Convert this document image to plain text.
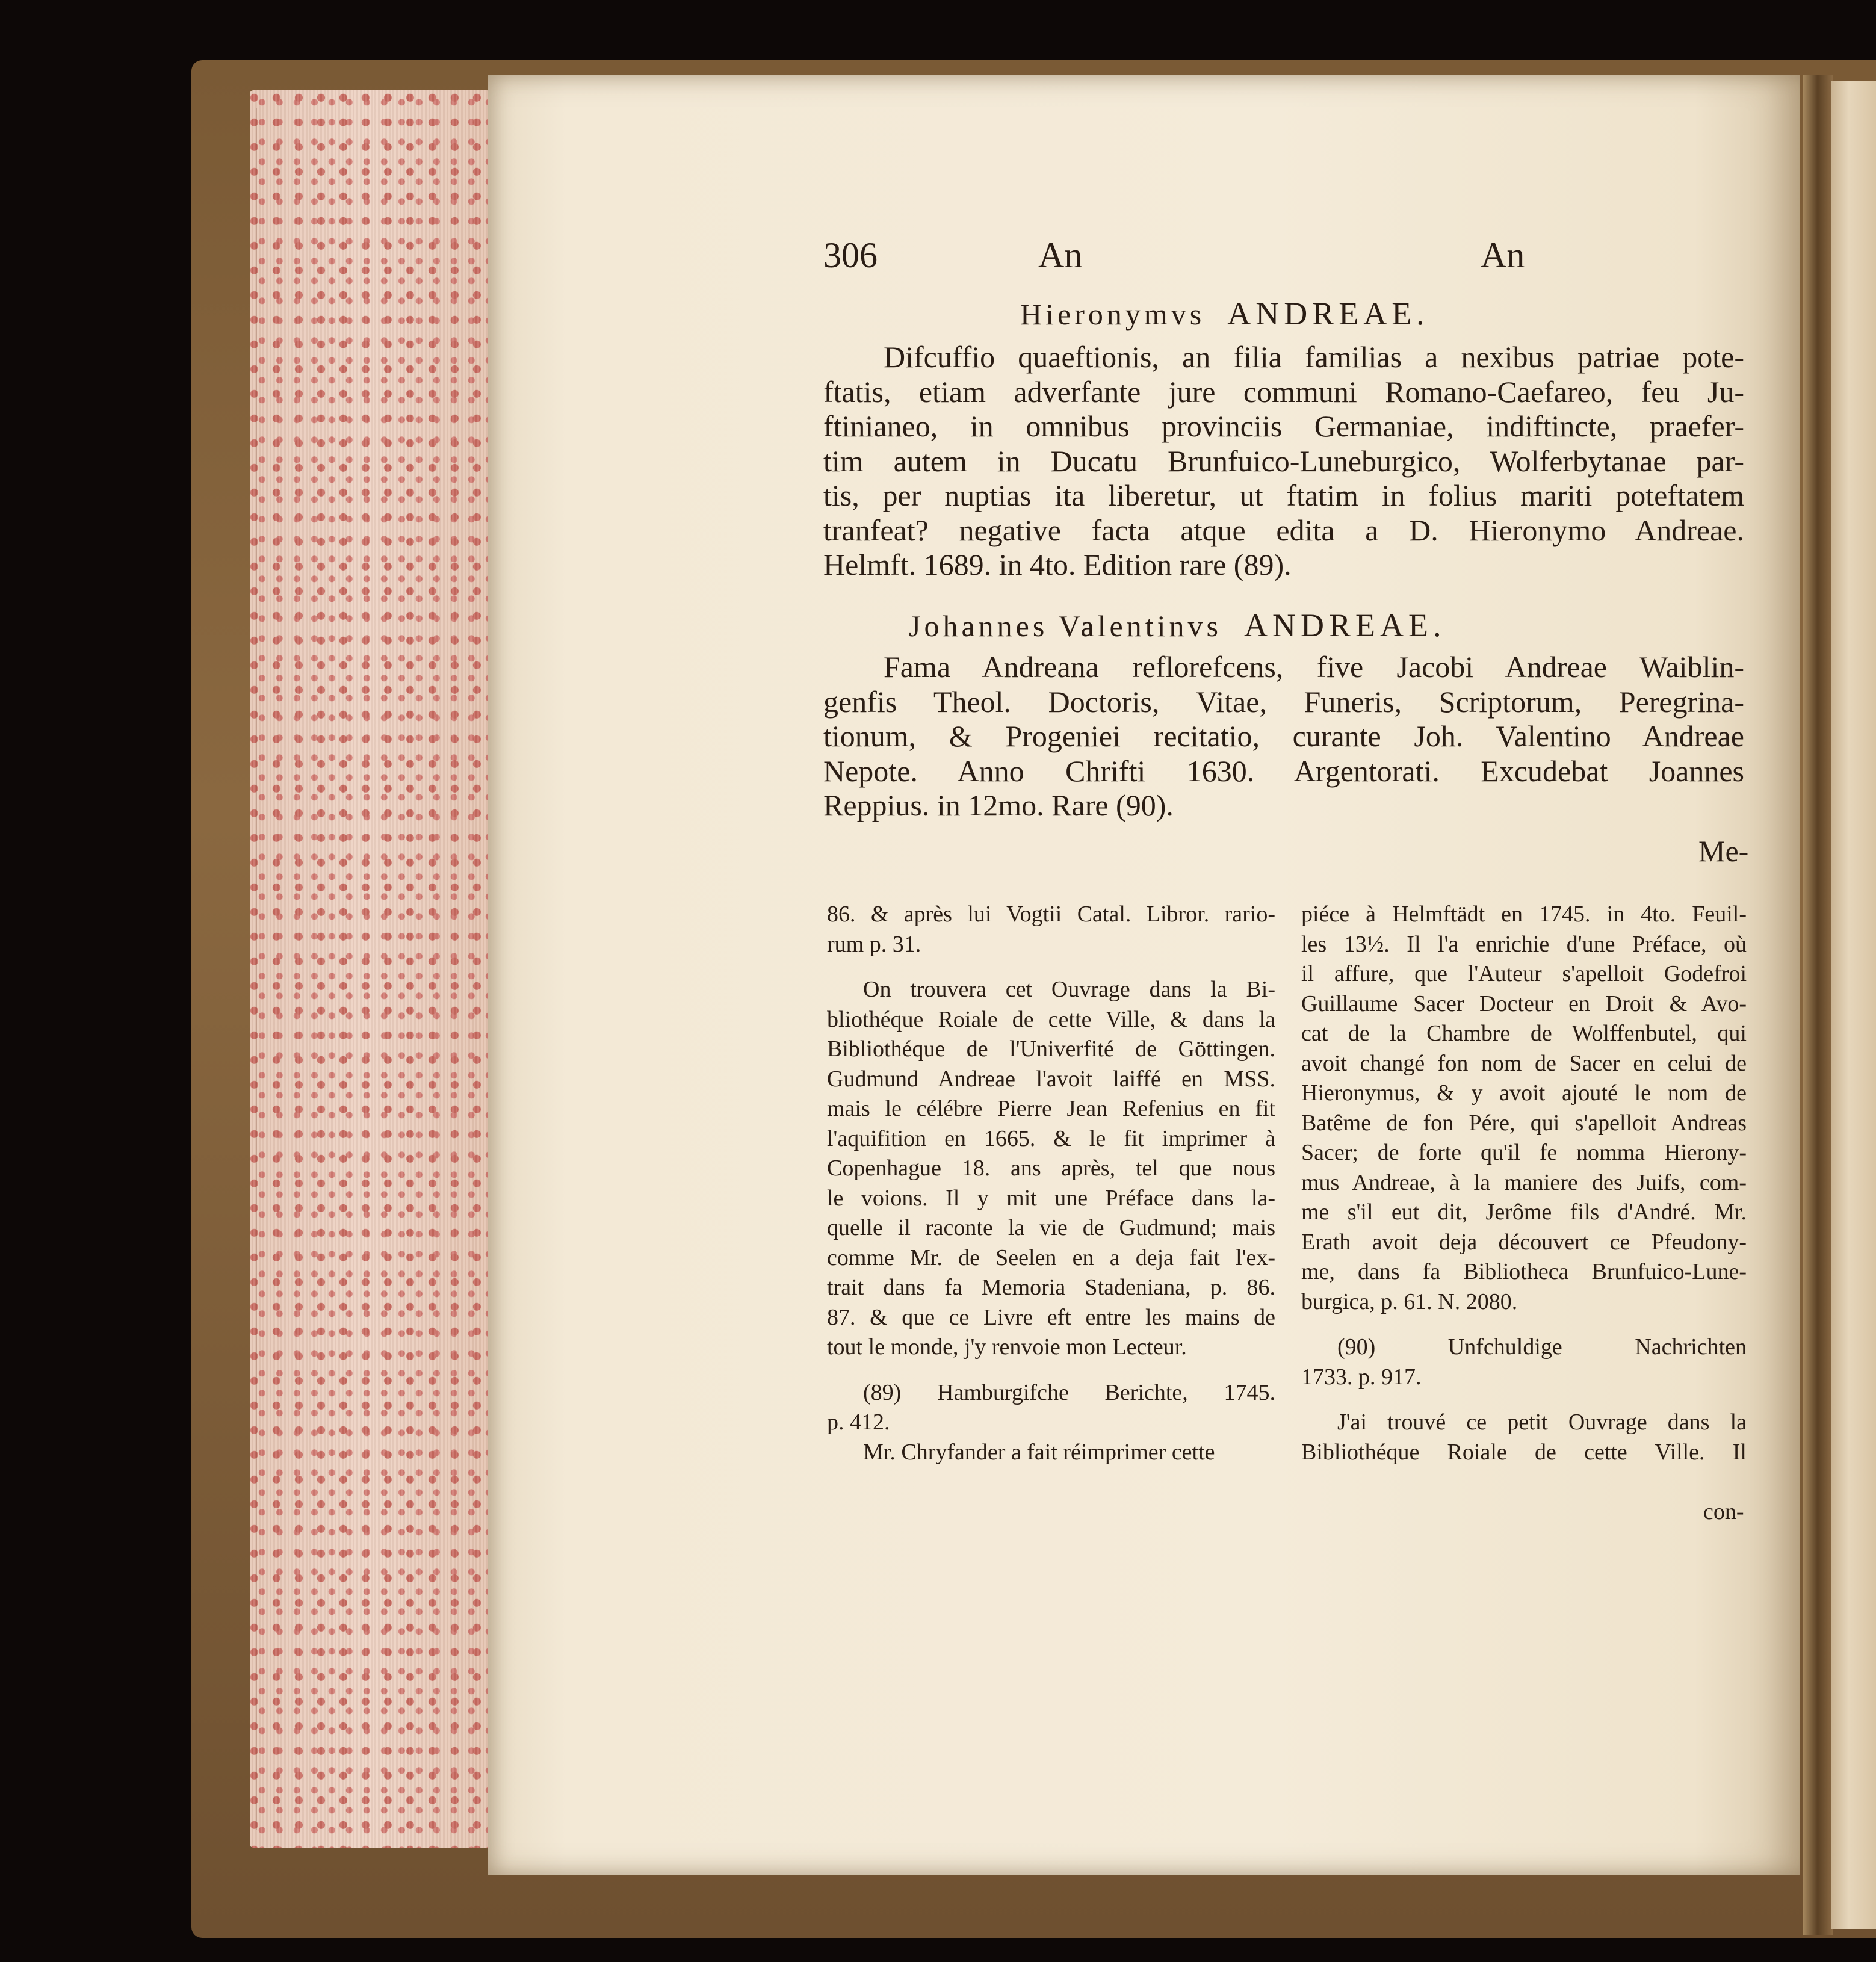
306	An	An
Hieronymvs ANDREAE.
Difcuffio quaeftionis, an filia familias a nexibus patriae pote-
ftatis, etiam adverfante jure communi Romano-Caefareo, feu Ju-
ftinianeo, in omnibus provinciis Germaniae, indiftincte, praefer-
tim autem in Ducatu Brunfuico-Luneburgico, Wolferbytanae par-
tis, per nuptias ita liberetur, ut ftatim in folius mariti poteftatem
tranfeat? negative facta atque edita a D. Hieronymo Andreae.
Helmft. 1689. in 4to. Edition rare (89).
Johannes Valentinvs ANDREAE.
Fama Andreana reflorefcens, five Jacobi Andreae Waiblin-
genfis Theol. Doctoris, Vitae, Funeris, Scriptorum, Peregrina-
tionum, & Progeniei recitatio, curante Joh. Valentino Andreae
Nepote. Anno Chrifti 1630. Argentorati. Excudebat Joannes
Reppius. in 12mo. Rare (90).
Me-
86. & après lui Vogtii Catal. Libror. rario-
rum p. 31.
On trouvera cet Ouvrage dans la Bi-
bliothéque Roiale de cette Ville, & dans la
Bibliothéque de l'Univerfité de Göttingen.
Gudmund Andreae l'avoit laiffé en MSS.
mais le célébre Pierre Jean Refenius en fit
l'aquifition en 1665. & le fit imprimer à
Copenhague 18. ans après, tel que nous
le voions. Il y mit une Préface dans la-
quelle il raconte la vie de Gudmund; mais
comme Mr. de Seelen en a deja fait l'ex-
trait dans fa Memoria Stadeniana, p. 86.
87. & que ce Livre eft entre les mains de
tout le monde, j'y renvoie mon Lecteur.
(89) Hamburgifche Berichte, 1745.
p. 412.
Mr. Chryfander a fait réimprimer cette
piéce à Helmftädt en 1745. in 4to. Feuil-
les 13½. Il l'a enrichie d'une Préface, où
il affure, que l'Auteur s'apelloit Godefroi
Guillaume Sacer Docteur en Droit & Avo-
cat de la Chambre de Wolffenbutel, qui
avoit changé fon nom de Sacer en celui de
Hieronymus, & y avoit ajouté le nom de
Batême de fon Pére, qui s'apelloit Andreas
Sacer; de forte qu'il fe nomma Hierony-
mus Andreae, à la maniere des Juifs, com-
me s'il eut dit, Jerôme fils d'André. Mr.
Erath avoit deja découvert ce Pfeudony-
me, dans fa Bibliotheca Brunfuico-Lune-
burgica, p. 61. N. 2080.
(90) Unfchuldige Nachrichten
1733. p. 917.
J'ai trouvé ce petit Ouvrage dans la
Bibliothéque Roiale de cette Ville. Il
con-
